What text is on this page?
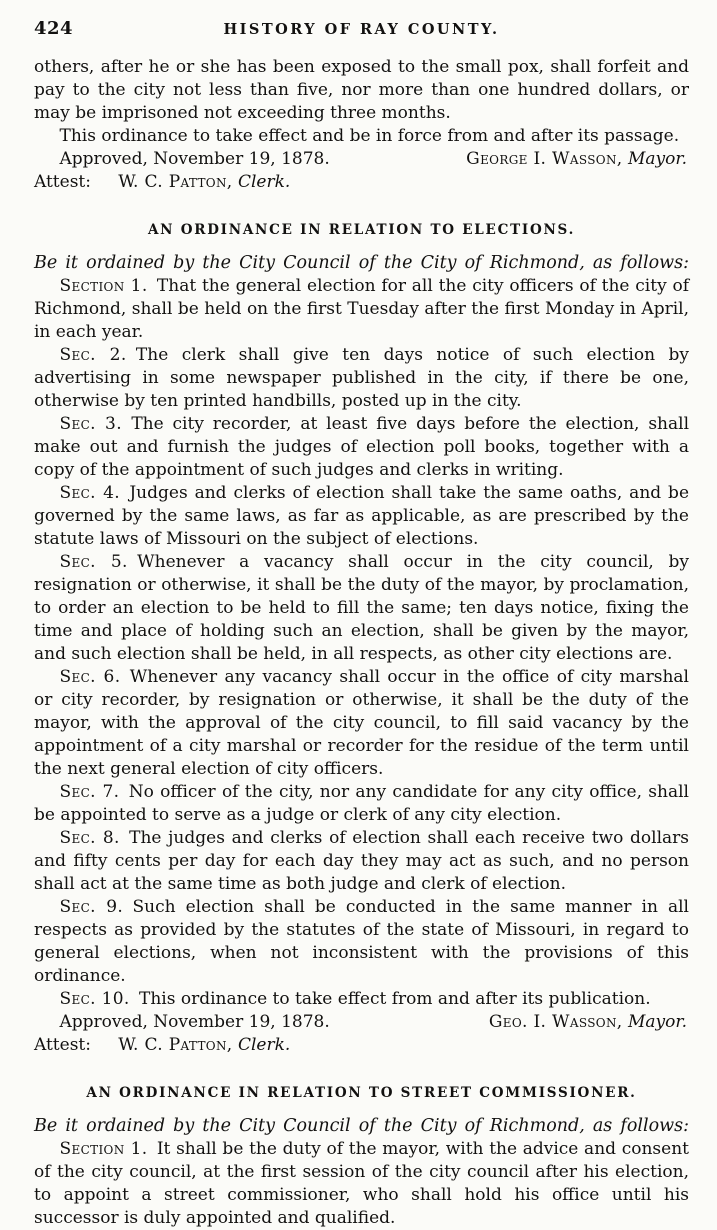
424	HISTORY OF RAY COUNTY.

others, after he or she has been exposed to the small pox, shall forfeit and pay to the city not less than five, nor more than one hundred dollars, or may be imprisoned not exceeding three months.

This ordinance to take effect and be in force from and after its passage.

Approved, November 19, 1878.	George I. Wasson, Mayor.

Attest: W. C. Patton, Clerk.

AN ORDINANCE IN RELATION TO ELECTIONS.

Be it ordained by the City Council of the City of Richmond, as follows:

Section 1. That the general election for all the city officers of the city of Richmond, shall be held on the first Tuesday after the first Monday in April, in each year.

Sec. 2. The clerk shall give ten days notice of such election by advertising in some newspaper published in the city, if there be one, otherwise by ten printed handbills, posted up in the city.

Sec. 3. The city recorder, at least five days before the election, shall make out and furnish the judges of election poll books, together with a copy of the appointment of such judges and clerks in writing.

Sec. 4. Judges and clerks of election shall take the same oaths, and be governed by the same laws, as far as applicable, as are prescribed by the statute laws of Missouri on the subject of elections.

Sec. 5. Whenever a vacancy shall occur in the city council, by resignation or otherwise, it shall be the duty of the mayor, by proclamation, to order an election to be held to fill the same; ten days notice, fixing the time and place of holding such an election, shall be given by the mayor, and such election shall be held, in all respects, as other city elections are.

Sec. 6. Whenever any vacancy shall occur in the office of city marshal or city recorder, by resignation or otherwise, it shall be the duty of the mayor, with the approval of the city council, to fill said vacancy by the appointment of a city marshal or recorder for the residue of the term until the next general election of city officers.

Sec. 7. No officer of the city, nor any candidate for any city office, shall be appointed to serve as a judge or clerk of any city election.

Sec. 8. The judges and clerks of election shall each receive two dollars and fifty cents per day for each day they may act as such, and no person shall act at the same time as both judge and clerk of election.

Sec. 9. Such election shall be conducted in the same manner in all respects as provided by the statutes of the state of Missouri, in regard to general elections, when not inconsistent with the provisions of this ordinance.

Sec. 10. This ordinance to take effect from and after its publication.

Approved, November 19, 1878.	Geo. I. Wasson, Mayor.

Attest: W. C. Patton, Clerk.

AN ORDINANCE IN RELATION TO STREET COMMISSIONER.

Be it ordained by the City Council of the City of Richmond, as follows:

Section 1. It shall be the duty of the mayor, with the advice and consent of the city council, at the first session of the city council after his election, to appoint a street commissioner, who shall hold his office until his successor is duly appointed and qualified.
